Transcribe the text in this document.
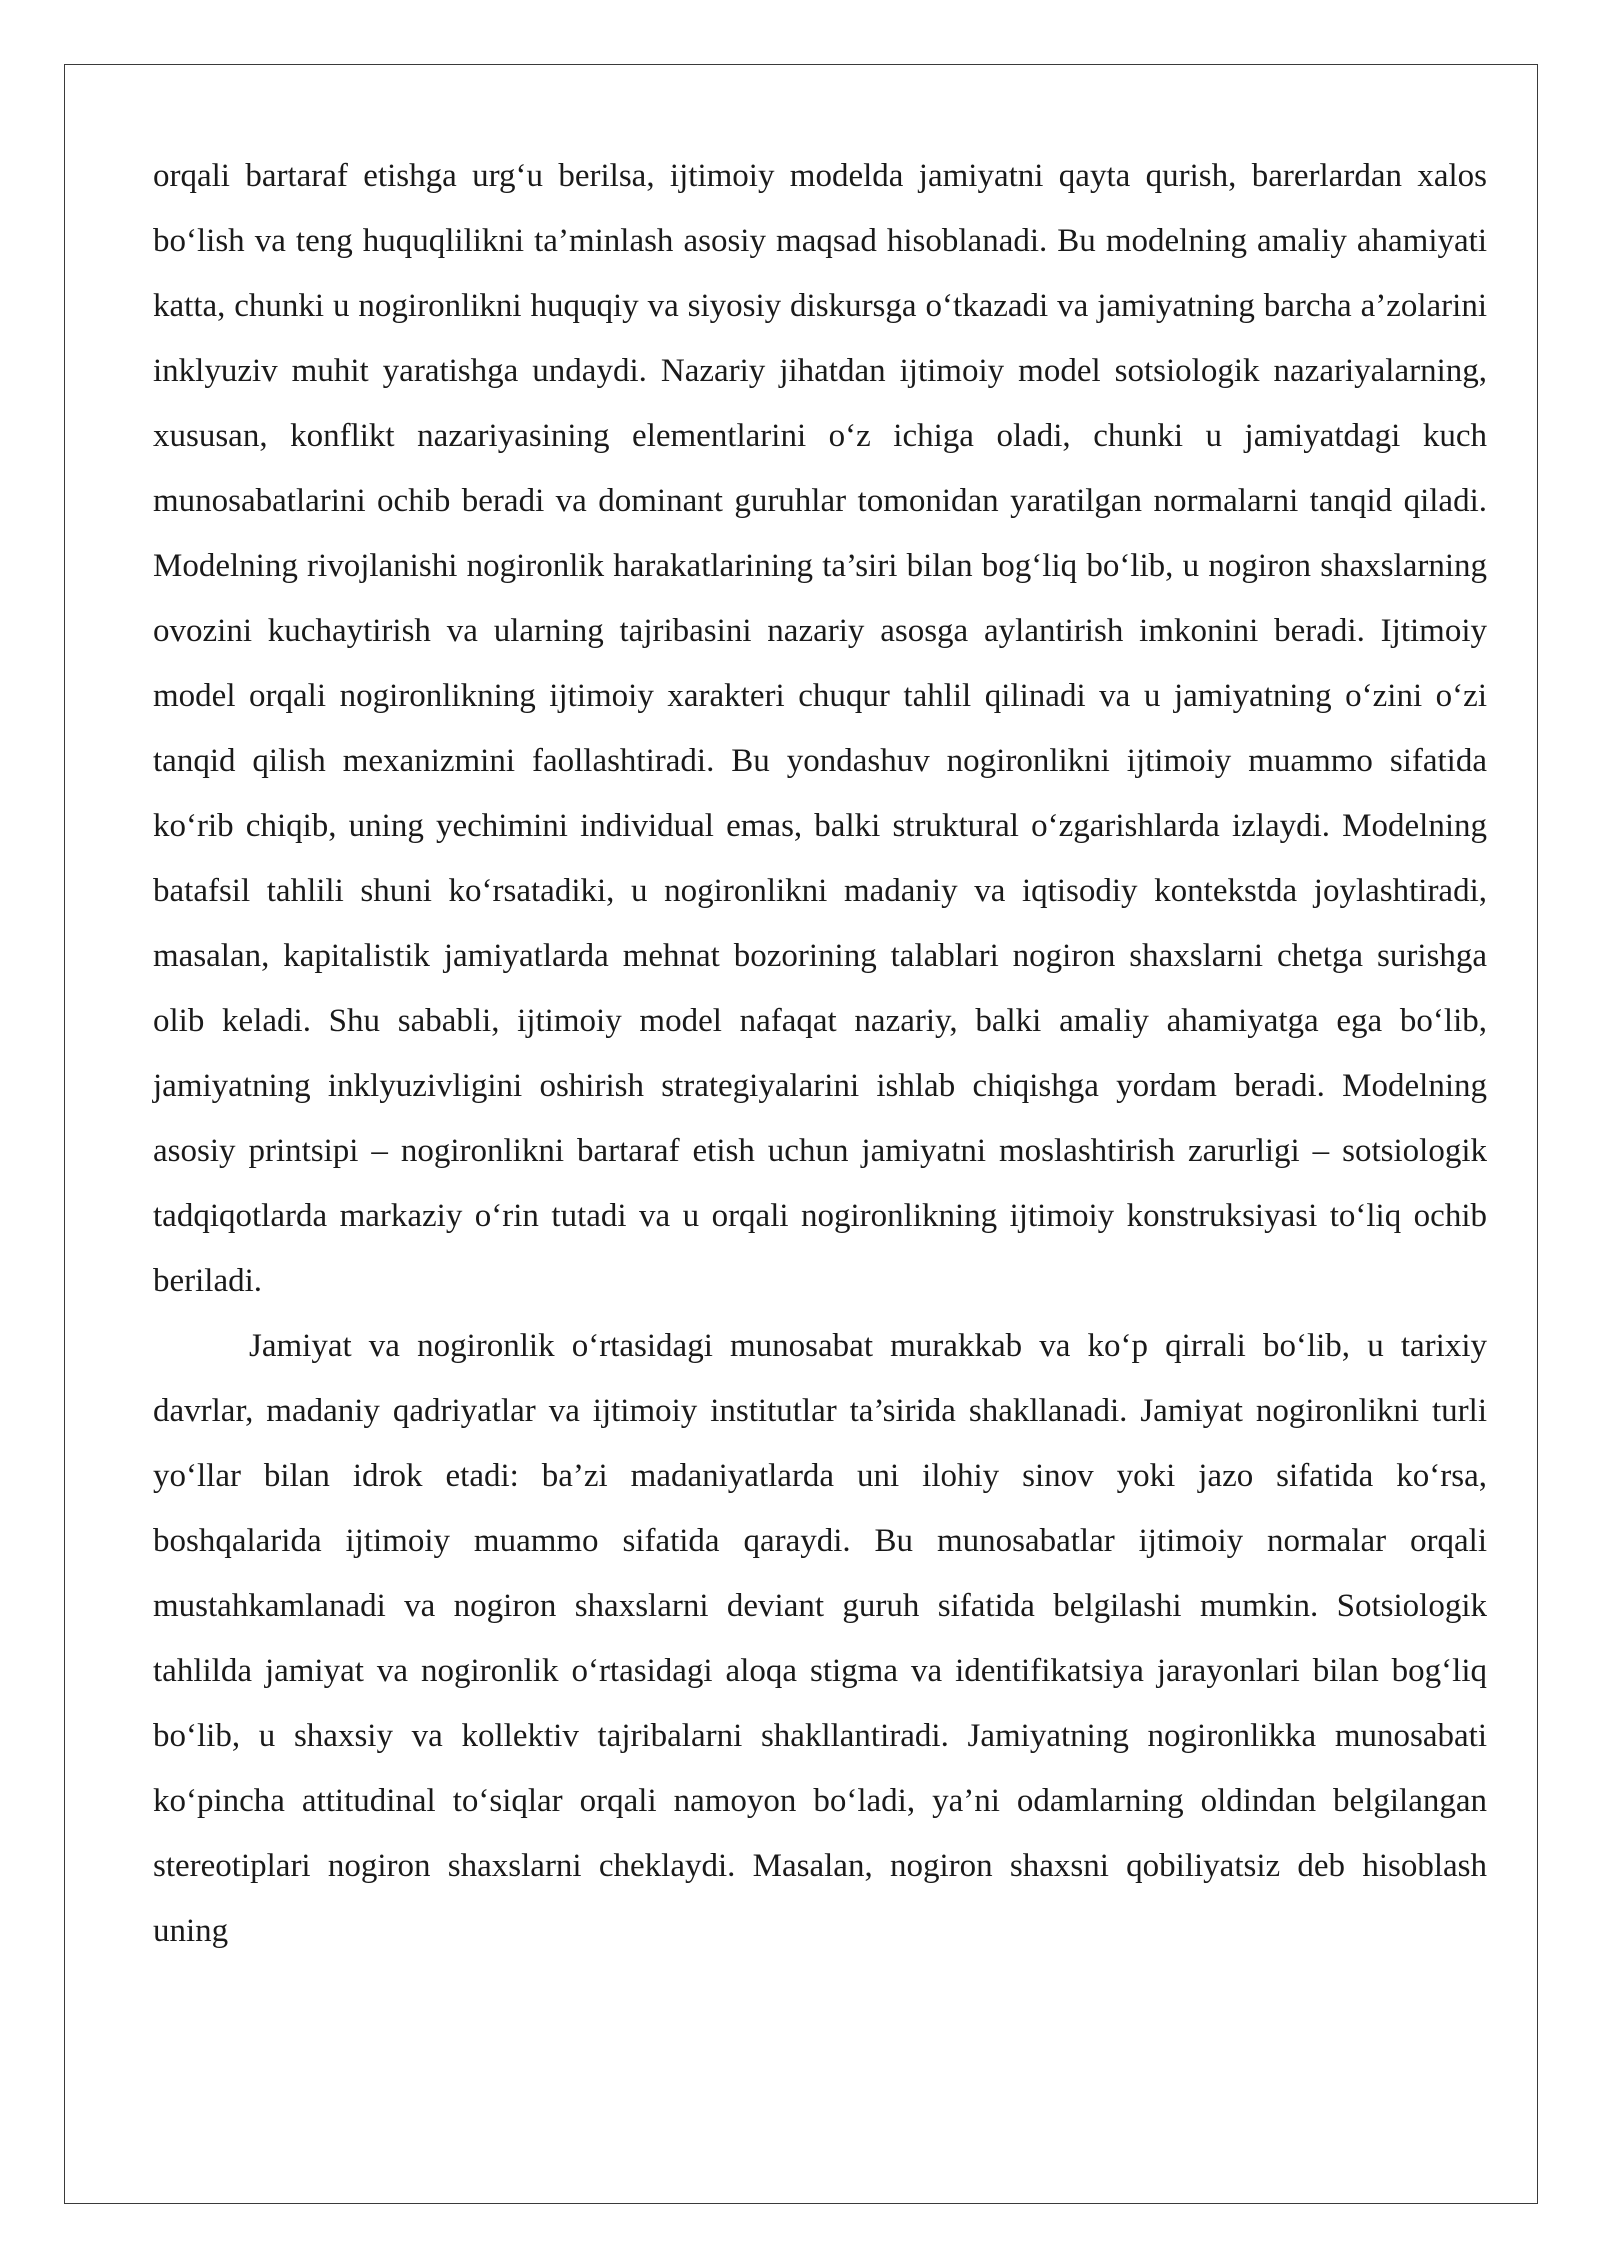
orqali bartaraf etishga urg‘u berilsa, ijtimoiy modelda jamiyatni qayta qurish, barerlardan xalos bo‘lish va teng huquqlilikni ta’minlash asosiy maqsad hisoblanadi. Bu modelning amaliy ahamiyati katta, chunki u nogironlikni huquqiy va siyosiy diskursga o‘tkazadi va jamiyatning barcha a’zolarini inklyuziv muhit yaratishga undaydi. Nazariy jihatdan ijtimoiy model sotsiologik nazariyalarning, xususan, konflikt nazariyasining elementlarini o‘z ichiga oladi, chunki u jamiyatdagi kuch munosabatlarini ochib beradi va dominant guruhlar tomonidan yaratilgan normalarni tanqid qiladi. Modelning rivojlanishi nogironlik harakatlarining ta’siri bilan bog‘liq bo‘lib, u nogiron shaxslarning ovozini kuchaytirish va ularning tajribasini nazariy asosga aylantirish imkonini beradi. Ijtimoiy model orqali nogironlikning ijtimoiy xarakteri chuqur tahlil qilinadi va u jamiyatning o‘zini o‘zi tanqid qilish mexanizmini faollashtiradi. Bu yondashuv nogironlikni ijtimoiy muammo sifatida ko‘rib chiqib, uning yechimini individual emas, balki struktural o‘zgarishlarda izlaydi. Modelning batafsil tahlili shuni ko‘rsatadiki, u nogironlikni madaniy va iqtisodiy kontekstda joylashtiradi, masalan, kapitalistik jamiyatlarda mehnat bozorining talablari nogiron shaxslarni chetga surishga olib keladi. Shu sababli, ijtimoiy model nafaqat nazariy, balki amaliy ahamiyatga ega bo‘lib, jamiyatning inklyuzivligini oshirish strategiyalarini ishlab chiqishga yordam beradi. Modelning asosiy printsipi – nogironlikni bartaraf etish uchun jamiyatni moslashtirish zarurligi – sotsiologik tadqiqotlarda markaziy o‘rin tutadi va u orqali nogironlikning ijtimoiy konstruksiyasi to‘liq ochib beriladi.

Jamiyat va nogironlik o‘rtasidagi munosabat murakkab va ko‘p qirrali bo‘lib, u tarixiy davrlar, madaniy qadriyatlar va ijtimoiy institutlar ta’sirida shakllanadi. Jamiyat nogironlikni turli yo‘llar bilan idrok etadi: ba’zi madaniyatlarda uni ilohiy sinov yoki jazo sifatida ko‘rsa, boshqalarida ijtimoiy muammo sifatida qaraydi. Bu munosabatlar ijtimoiy normalar orqali mustahkamlanadi va nogiron shaxslarni deviant guruh sifatida belgilashi mumkin. Sotsiologik tahlilda jamiyat va nogironlik o‘rtasidagi aloqa stigma va identifikatsiya jarayonlari bilan bog‘liq bo‘lib, u shaxsiy va kollektiv tajribalarni shakllantiradi. Jamiyatning nogironlikka munosabati ko‘pincha attitudinal to‘siqlar orqali namoyon bo‘ladi, ya’ni odamlarning oldindan belgilangan stereotiplari nogiron shaxslarni cheklaydi. Masalan, nogiron shaxsni qobiliyatsiz deb hisoblash uning
